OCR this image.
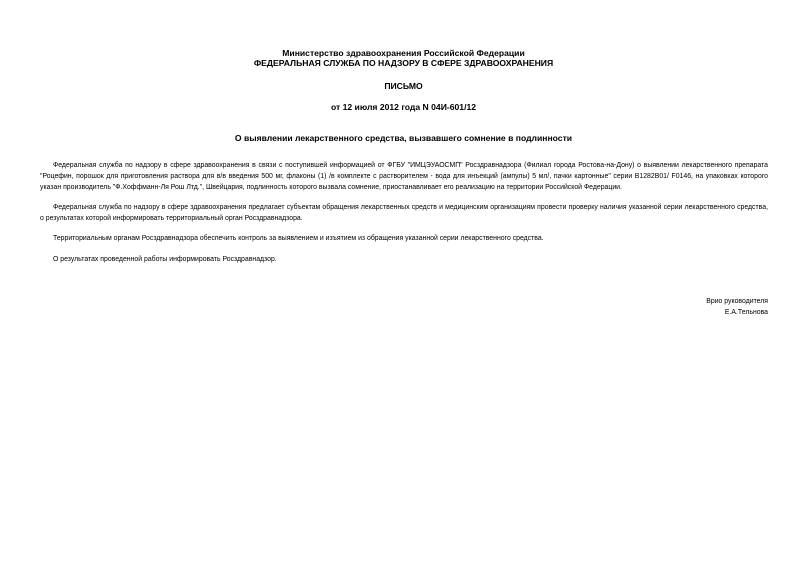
Министерство здравоохранения Российской Федерации
ФЕДЕРАЛЬНАЯ СЛУЖБА ПО НАДЗОРУ В СФЕРЕ ЗДРАВООХРАНЕНИЯ
ПИСЬМО
от 12 июля 2012 года N 04И-601/12
О выявлении лекарственного средства, вызвавшего сомнение в подлинности

Федеральная служба по надзору в сфере здравоохранения в связи с поступившей информацией от ФГБУ "ИМЦЭУАОСМП" Росздравнадзора (Филиал города Ростова-на-Дону) о выявлении лекарственного препарата "Роцефин, порошок для приготовления раствора для в/в введения 500 мг, флаконы (1) /в комплекте с растворителем - вода для инъекций (ампулы) 5 мл/, пачки картонные" серии B1282B01/ F0146, на упаковках которого указан производитель "Ф.Хоффманн-Ля Рош Лтд.", Швейцария, подлинность которого вызвала сомнение, приостанавливает его реализацию на территории Российской Федерации.

Федеральная служба по надзору в сфере здравоохранения предлагает субъектам обращения лекарственных средств и медицинским организациям провести проверку наличия указанной серии лекарственного средства, о результатах которой информировать территориальный орган Росздравнадзора.

Территориальным органам Росздравнадзора обеспечить контроль за выявлением и изъятием из обращения указанной серии лекарственного средства.

О результатах проведенной работы информировать Росздравнадзор.

Врио руководителя
Е.А.Тельнова
